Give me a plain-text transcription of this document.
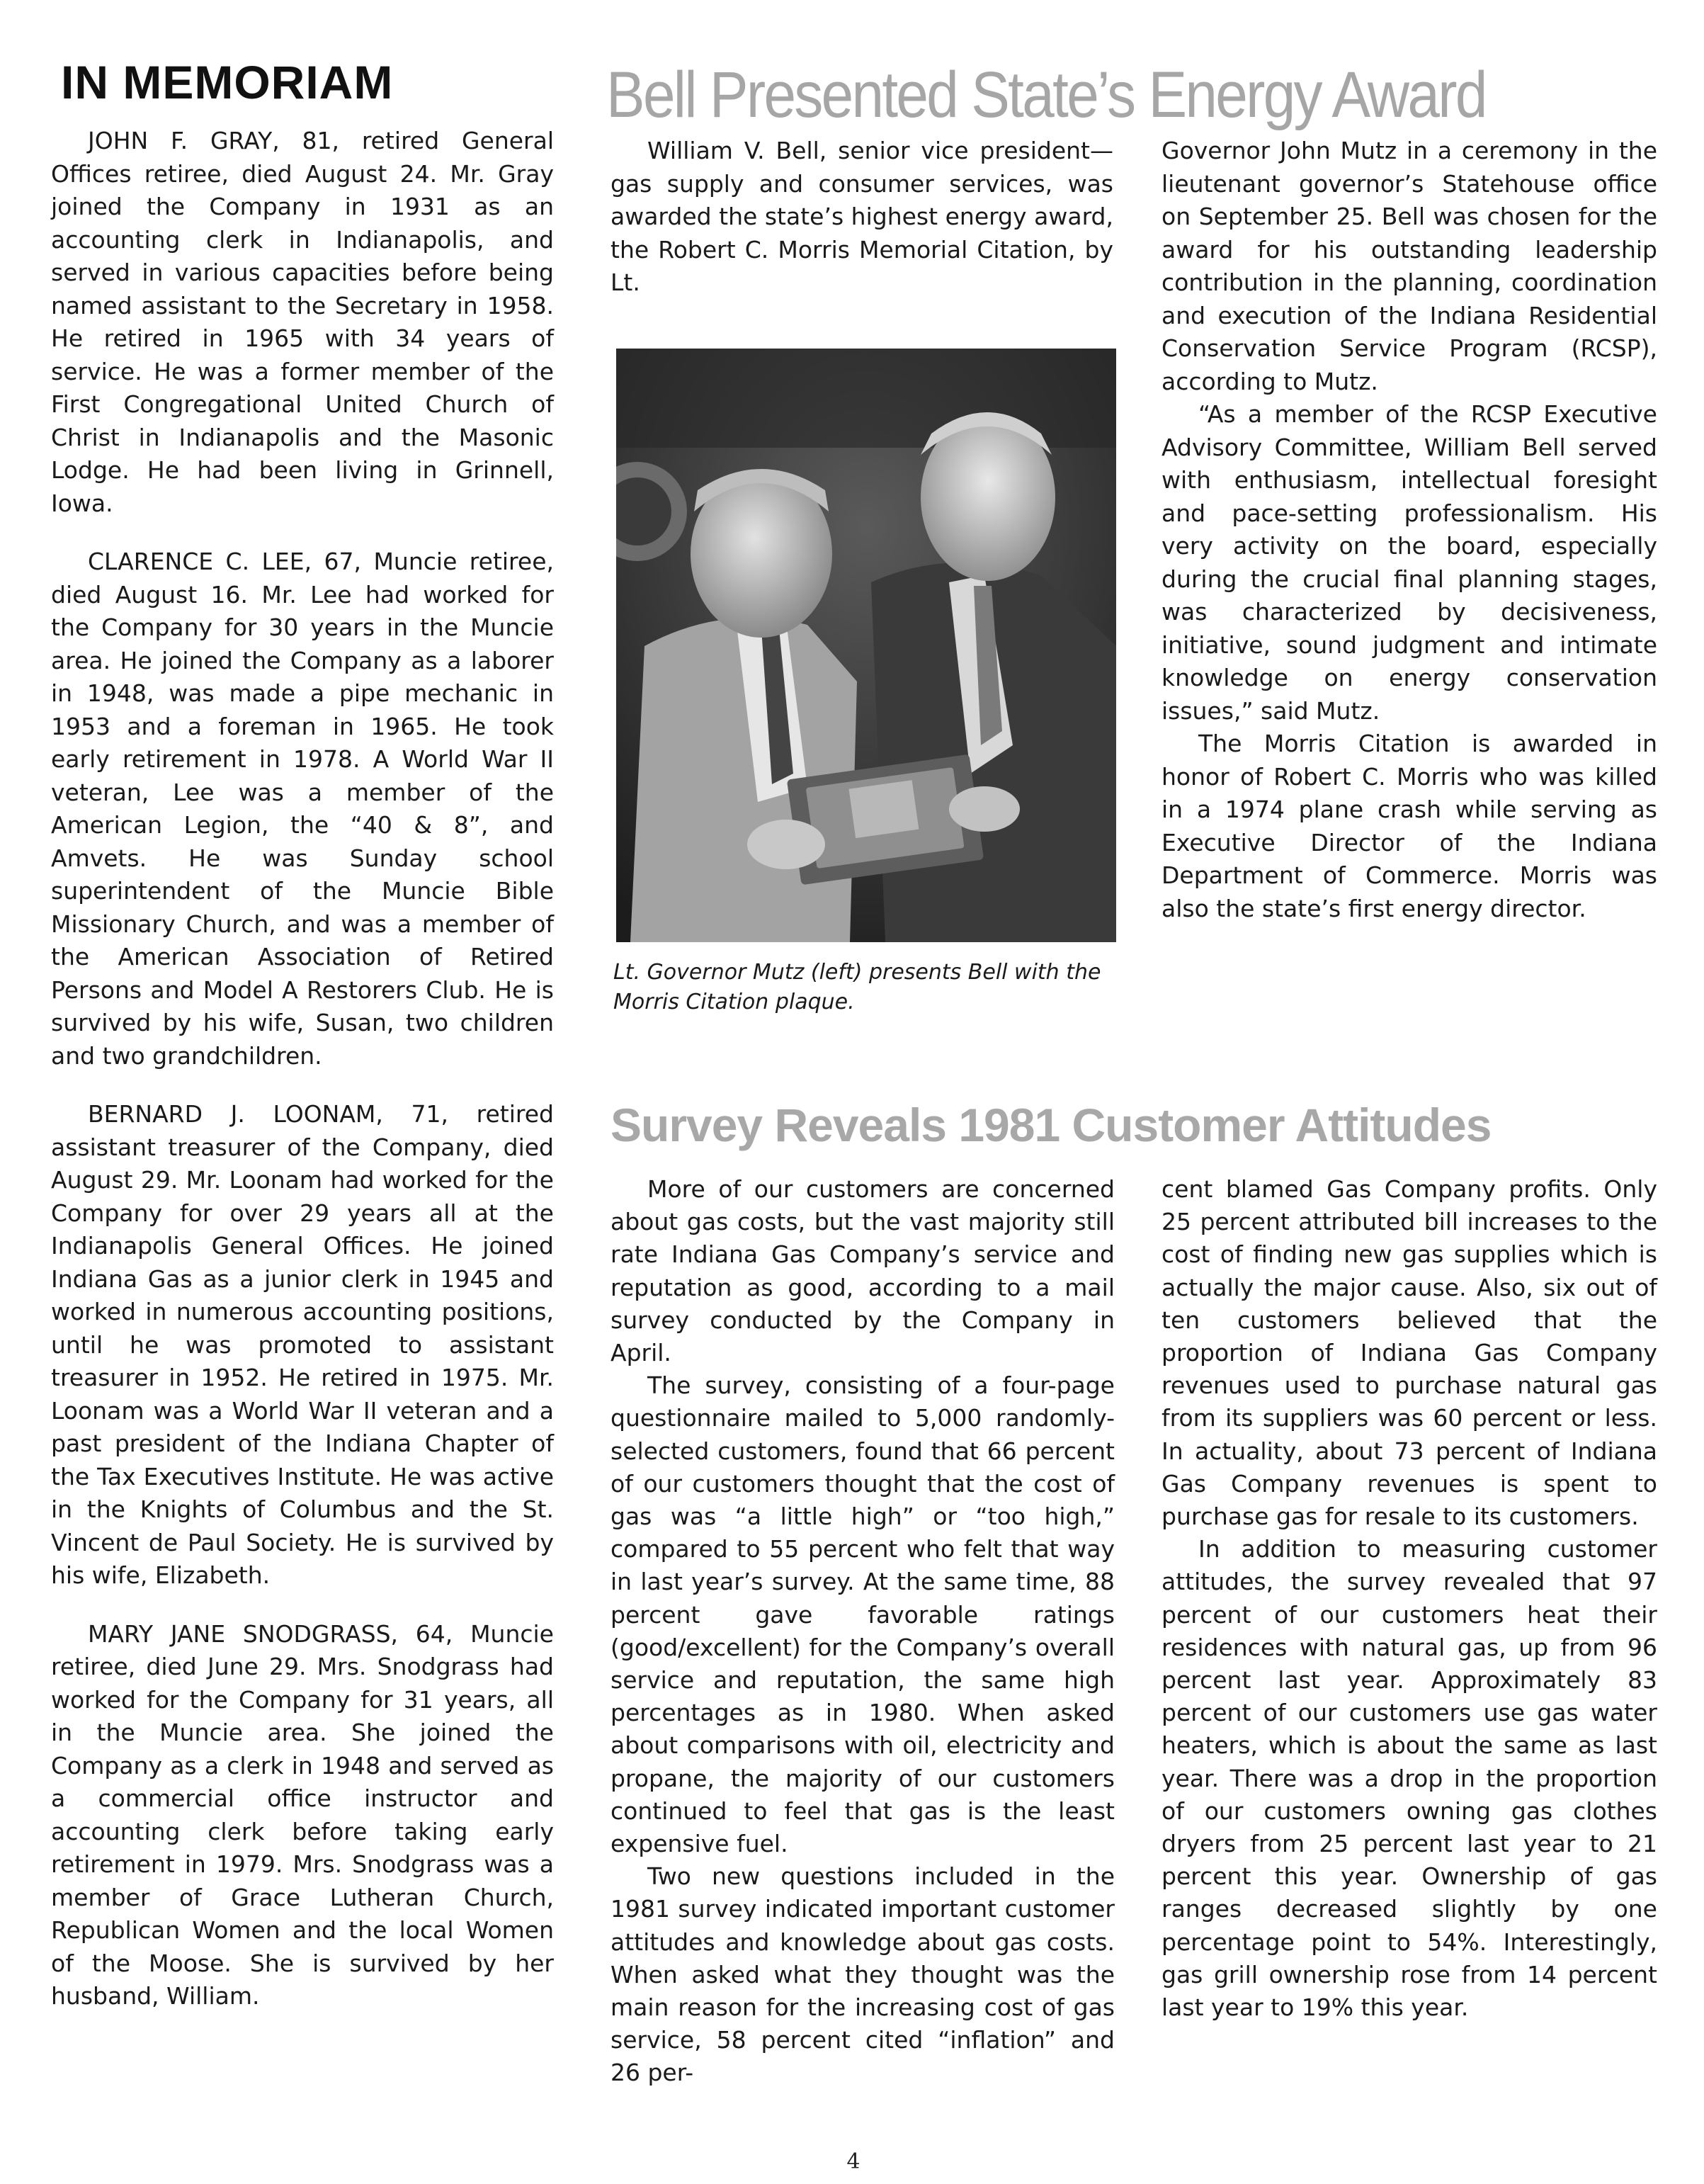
IN MEMORIAM

JOHN F. GRAY, 81, retired General Offices retiree, died August 24. Mr. Gray joined the Company in 1931 as an accounting clerk in Indianapolis, and served in various capacities before being named assistant to the Secretary in 1958. He retired in 1965 with 34 years of service. He was a former member of the First Congregational United Church of Christ in Indianapolis and the Masonic Lodge. He had been living in Grinnell, Iowa.

CLARENCE C. LEE, 67, Muncie retiree, died August 16. Mr. Lee had worked for the Company for 30 years in the Muncie area. He joined the Company as a laborer in 1948, was made a pipe mechanic in 1953 and a foreman in 1965. He took early retirement in 1978. A World War II veteran, Lee was a member of the American Legion, the “40 & 8”, and Amvets. He was Sunday school superintendent of the Muncie Bible Missionary Church, and was a member of the American Association of Retired Persons and Model A Restorers Club. He is survived by his wife, Susan, two children and two grandchildren.

BERNARD J. LOONAM, 71, retired assistant treasurer of the Company, died August 29. Mr. Loonam had worked for the Company for over 29 years all at the Indianapolis General Offices. He joined Indiana Gas as a junior clerk in 1945 and worked in numerous accounting positions, until he was promoted to assistant treasurer in 1952. He retired in 1975. Mr. Loonam was a World War II veteran and a past president of the Indiana Chapter of the Tax Executives Institute. He was active in the Knights of Columbus and the St. Vincent de Paul Society. He is survived by his wife, Elizabeth.

MARY JANE SNODGRASS, 64, Muncie retiree, died June 29. Mrs. Snodgrass had worked for the Company for 31 years, all in the Muncie area. She joined the Company as a clerk in 1948 and served as a commercial office instructor and accounting clerk before taking early retirement in 1979. Mrs. Snodgrass was a member of Grace Lutheran Church, Republican Women and the local Women of the Moose. She is survived by her husband, William.

Bell Presented State’s Energy Award

William V. Bell, senior vice president—gas supply and consumer services, was awarded the state’s highest energy award, the Robert C. Morris Memorial Citation, by Lt.

Lt. Governor Mutz (left) presents Bell with the Morris Citation plaque.

Governor John Mutz in a ceremony in the lieutenant governor’s Statehouse office on September 25. Bell was chosen for the award for his outstanding leadership contribution in the planning, coordination and execution of the Indiana Residential Conservation Service Program (RCSP), according to Mutz.

“As a member of the RCSP Executive Advisory Committee, William Bell served with enthusiasm, intellectual foresight and pace-setting professionalism. His very activity on the board, especially during the crucial final planning stages, was characterized by decisiveness, initiative, sound judgment and intimate knowledge on energy conservation issues,” said Mutz.

The Morris Citation is awarded in honor of Robert C. Morris who was killed in a 1974 plane crash while serving as Executive Director of the Indiana Department of Commerce. Morris was also the state’s first energy director.

Survey Reveals 1981 Customer Attitudes

More of our customers are concerned about gas costs, but the vast majority still rate Indiana Gas Company’s service and reputation as good, according to a mail survey conducted by the Company in April.

The survey, consisting of a four-page questionnaire mailed to 5,000 randomly-selected customers, found that 66 percent of our customers thought that the cost of gas was “a little high” or “too high,” compared to 55 percent who felt that way in last year’s survey. At the same time, 88 percent gave favorable ratings (good/excellent) for the Company’s overall service and reputation, the same high percentages as in 1980. When asked about comparisons with oil, electricity and propane, the majority of our customers continued to feel that gas is the least expensive fuel.

Two new questions included in the 1981 survey indicated important customer attitudes and knowledge about gas costs. When asked what they thought was the main reason for the increasing cost of gas service, 58 percent cited “inflation” and 26 per-

cent blamed Gas Company profits. Only 25 percent attributed bill increases to the cost of finding new gas supplies which is actually the major cause. Also, six out of ten customers believed that the proportion of Indiana Gas Company revenues used to purchase natural gas from its suppliers was 60 percent or less. In actuality, about 73 percent of Indiana Gas Company revenues is spent to purchase gas for resale to its customers.

In addition to measuring customer attitudes, the survey revealed that 97 percent of our customers heat their residences with natural gas, up from 96 percent last year. Approximately 83 percent of our customers use gas water heaters, which is about the same as last year. There was a drop in the proportion of our customers owning gas clothes dryers from 25 percent last year to 21 percent this year. Ownership of gas ranges decreased slightly by one percentage point to 54%. Interestingly, gas grill ownership rose from 14 percent last year to 19% this year.

4
